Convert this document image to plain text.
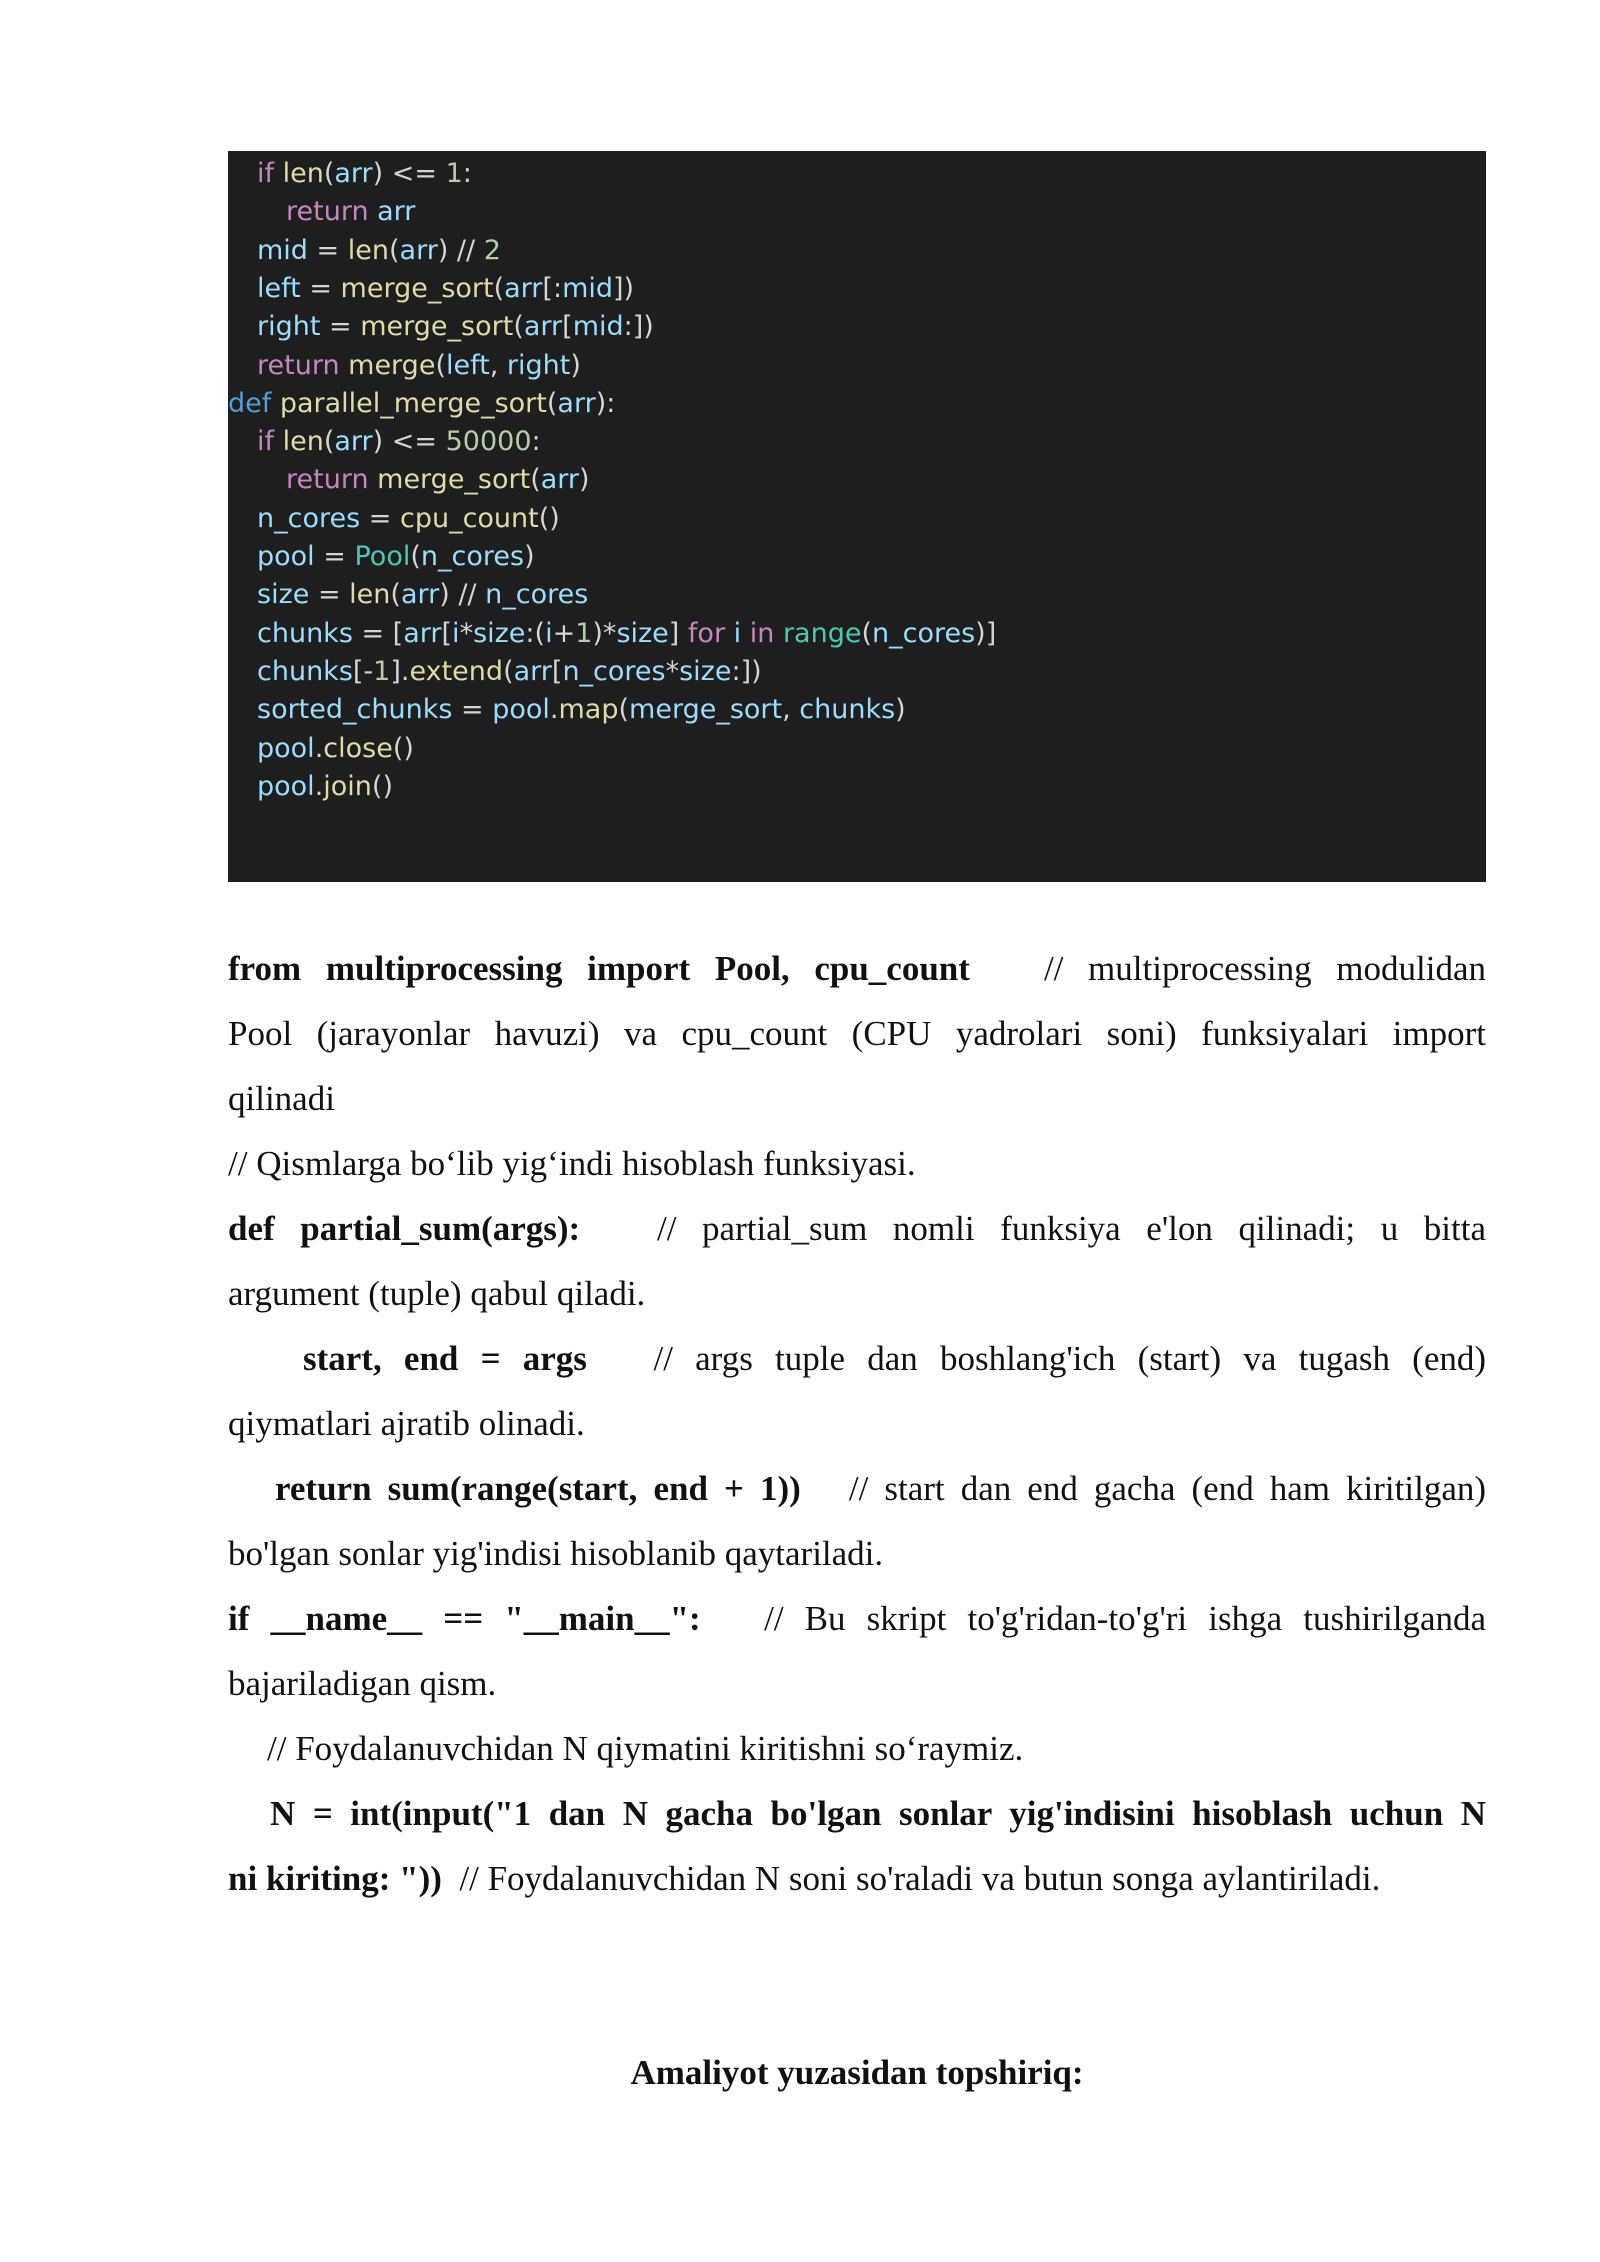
if len(arr) <= 1:
return arr
mid = len(arr) // 2
left = merge_sort(arr[:mid])
right = merge_sort(arr[mid:])
return merge(left, right)
def parallel_merge_sort(arr):
if len(arr) <= 50000:
return merge_sort(arr)
n_cores = cpu_count()
pool = Pool(n_cores)
size = len(arr) // n_cores
chunks = [arr[i*size:(i+1)*size] for i in range(n_cores)]
chunks[-1].extend(arr[n_cores*size:])
sorted_chunks = pool.map(merge_sort, chunks)
pool.close()
pool.join()
from multiprocessing import Pool, cpu_count // multiprocessing modulidan
Pool (jarayonlar havuzi) va cpu_count (CPU yadrolari soni) funksiyalari import
qilinadi
// Qismlarga bo‘lib yig‘indi hisoblash funksiyasi.
def partial_sum(args): // partial_sum nomli funksiya e'lon qilinadi; u bitta
argument (tuple) qabul qiladi.
start, end = args // args tuple dan boshlang'ich (start) va tugash (end)
qiymatlari ajratib olinadi.
return sum(range(start, end + 1)) // start dan end gacha (end ham kiritilgan)
bo'lgan sonlar yig'indisi hisoblanib qaytariladi.
if __name__ == "__main__": // Bu skript to'g'ridan-to'g'ri ishga tushirilganda
bajariladigan qism.
// Foydalanuvchidan N qiymatini kiritishni so‘raymiz.
N = int(input("1 dan N gacha bo'lgan sonlar yig'indisini hisoblash uchun N
ni kiriting: ")) // Foydalanuvchidan N soni so'raladi va butun songa aylantiriladi.
Amaliyot yuzasidan topshiriq:
